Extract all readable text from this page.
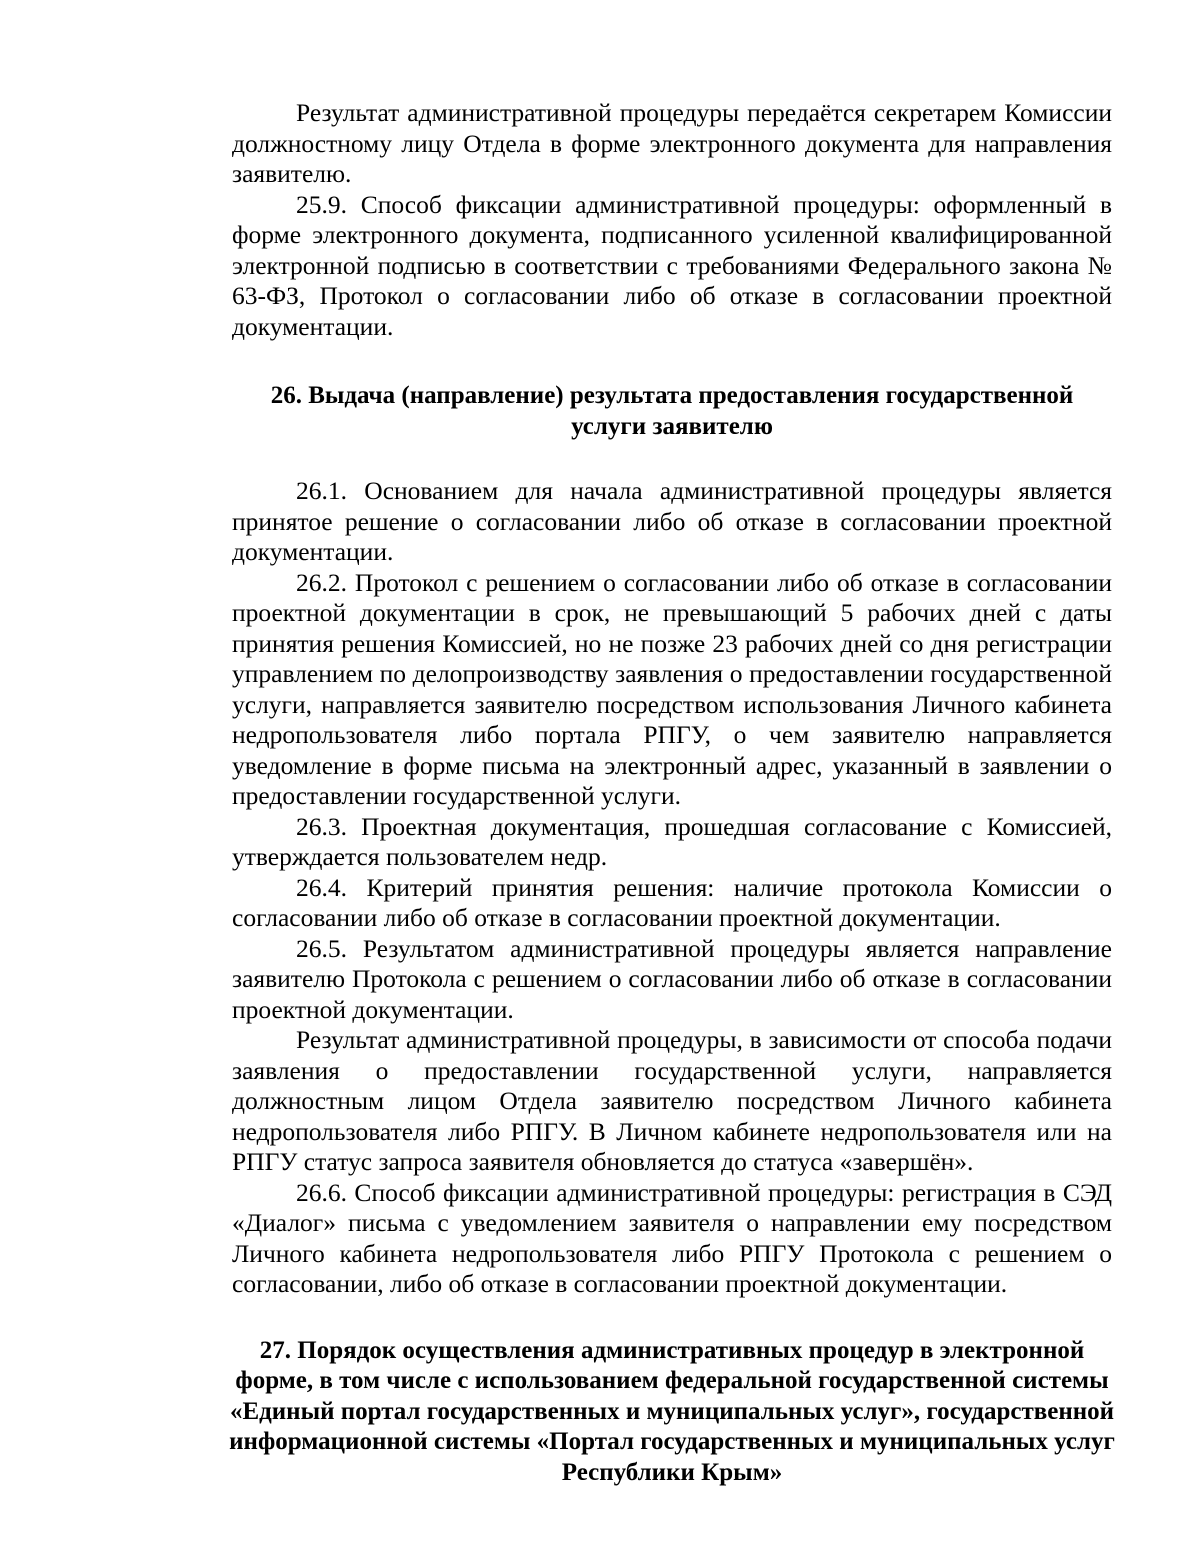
Результат административной процедуры передаётся секретарем Комиссии должностному лицу Отдела в форме электронного документа для направления заявителю.

25.9. Способ фиксации административной процедуры: оформленный в форме электронного документа, подписанного усиленной квалифицированной электронной подписью в соответствии с требованиями Федерального закона № 63-ФЗ, Протокол о согласовании либо об отказе в согласовании проектной документации.

26. Выдача (направление) результата предоставления государственной услуги заявителю

26.1. Основанием для начала административной процедуры является принятое решение о согласовании либо об отказе в согласовании проектной документации.

26.2. Протокол с решением о согласовании либо об отказе в согласовании проектной документации в срок, не превышающий 5 рабочих дней с даты принятия решения Комиссией, но не позже 23 рабочих дней со дня регистрации управлением по делопроизводству заявления о предоставлении государственной услуги, направляется заявителю посредством использования Личного кабинета недропользователя либо портала РПГУ, о чем заявителю направляется уведомление в форме письма на электронный адрес, указанный в заявлении о предоставлении государственной услуги.

26.3. Проектная документация, прошедшая согласование с Комиссией, утверждается пользователем недр.

26.4. Критерий принятия решения: наличие протокола Комиссии о согласовании либо об отказе в согласовании проектной документации.

26.5. Результатом административной процедуры является направление заявителю Протокола с решением о согласовании либо об отказе в согласовании проектной документации.

Результат административной процедуры, в зависимости от способа подачи заявления о предоставлении государственной услуги, направляется должностным лицом Отдела заявителю посредством Личного кабинета недропользователя либо РПГУ. В Личном кабинете недропользователя или на РПГУ статус запроса заявителя обновляется до статуса «завершён».

26.6. Способ фиксации административной процедуры: регистрация в СЭД «Диалог» письма с уведомлением заявителя о направлении ему посредством Личного кабинета недропользователя либо РПГУ Протокола с решением о согласовании, либо об отказе в согласовании проектной документации.

27. Порядок осуществления административных процедур в электронной форме, в том числе с использованием федеральной государственной системы «Единый портал государственных и муниципальных услуг», государственной информационной системы «Портал государственных и муниципальных услуг Республики Крым»
